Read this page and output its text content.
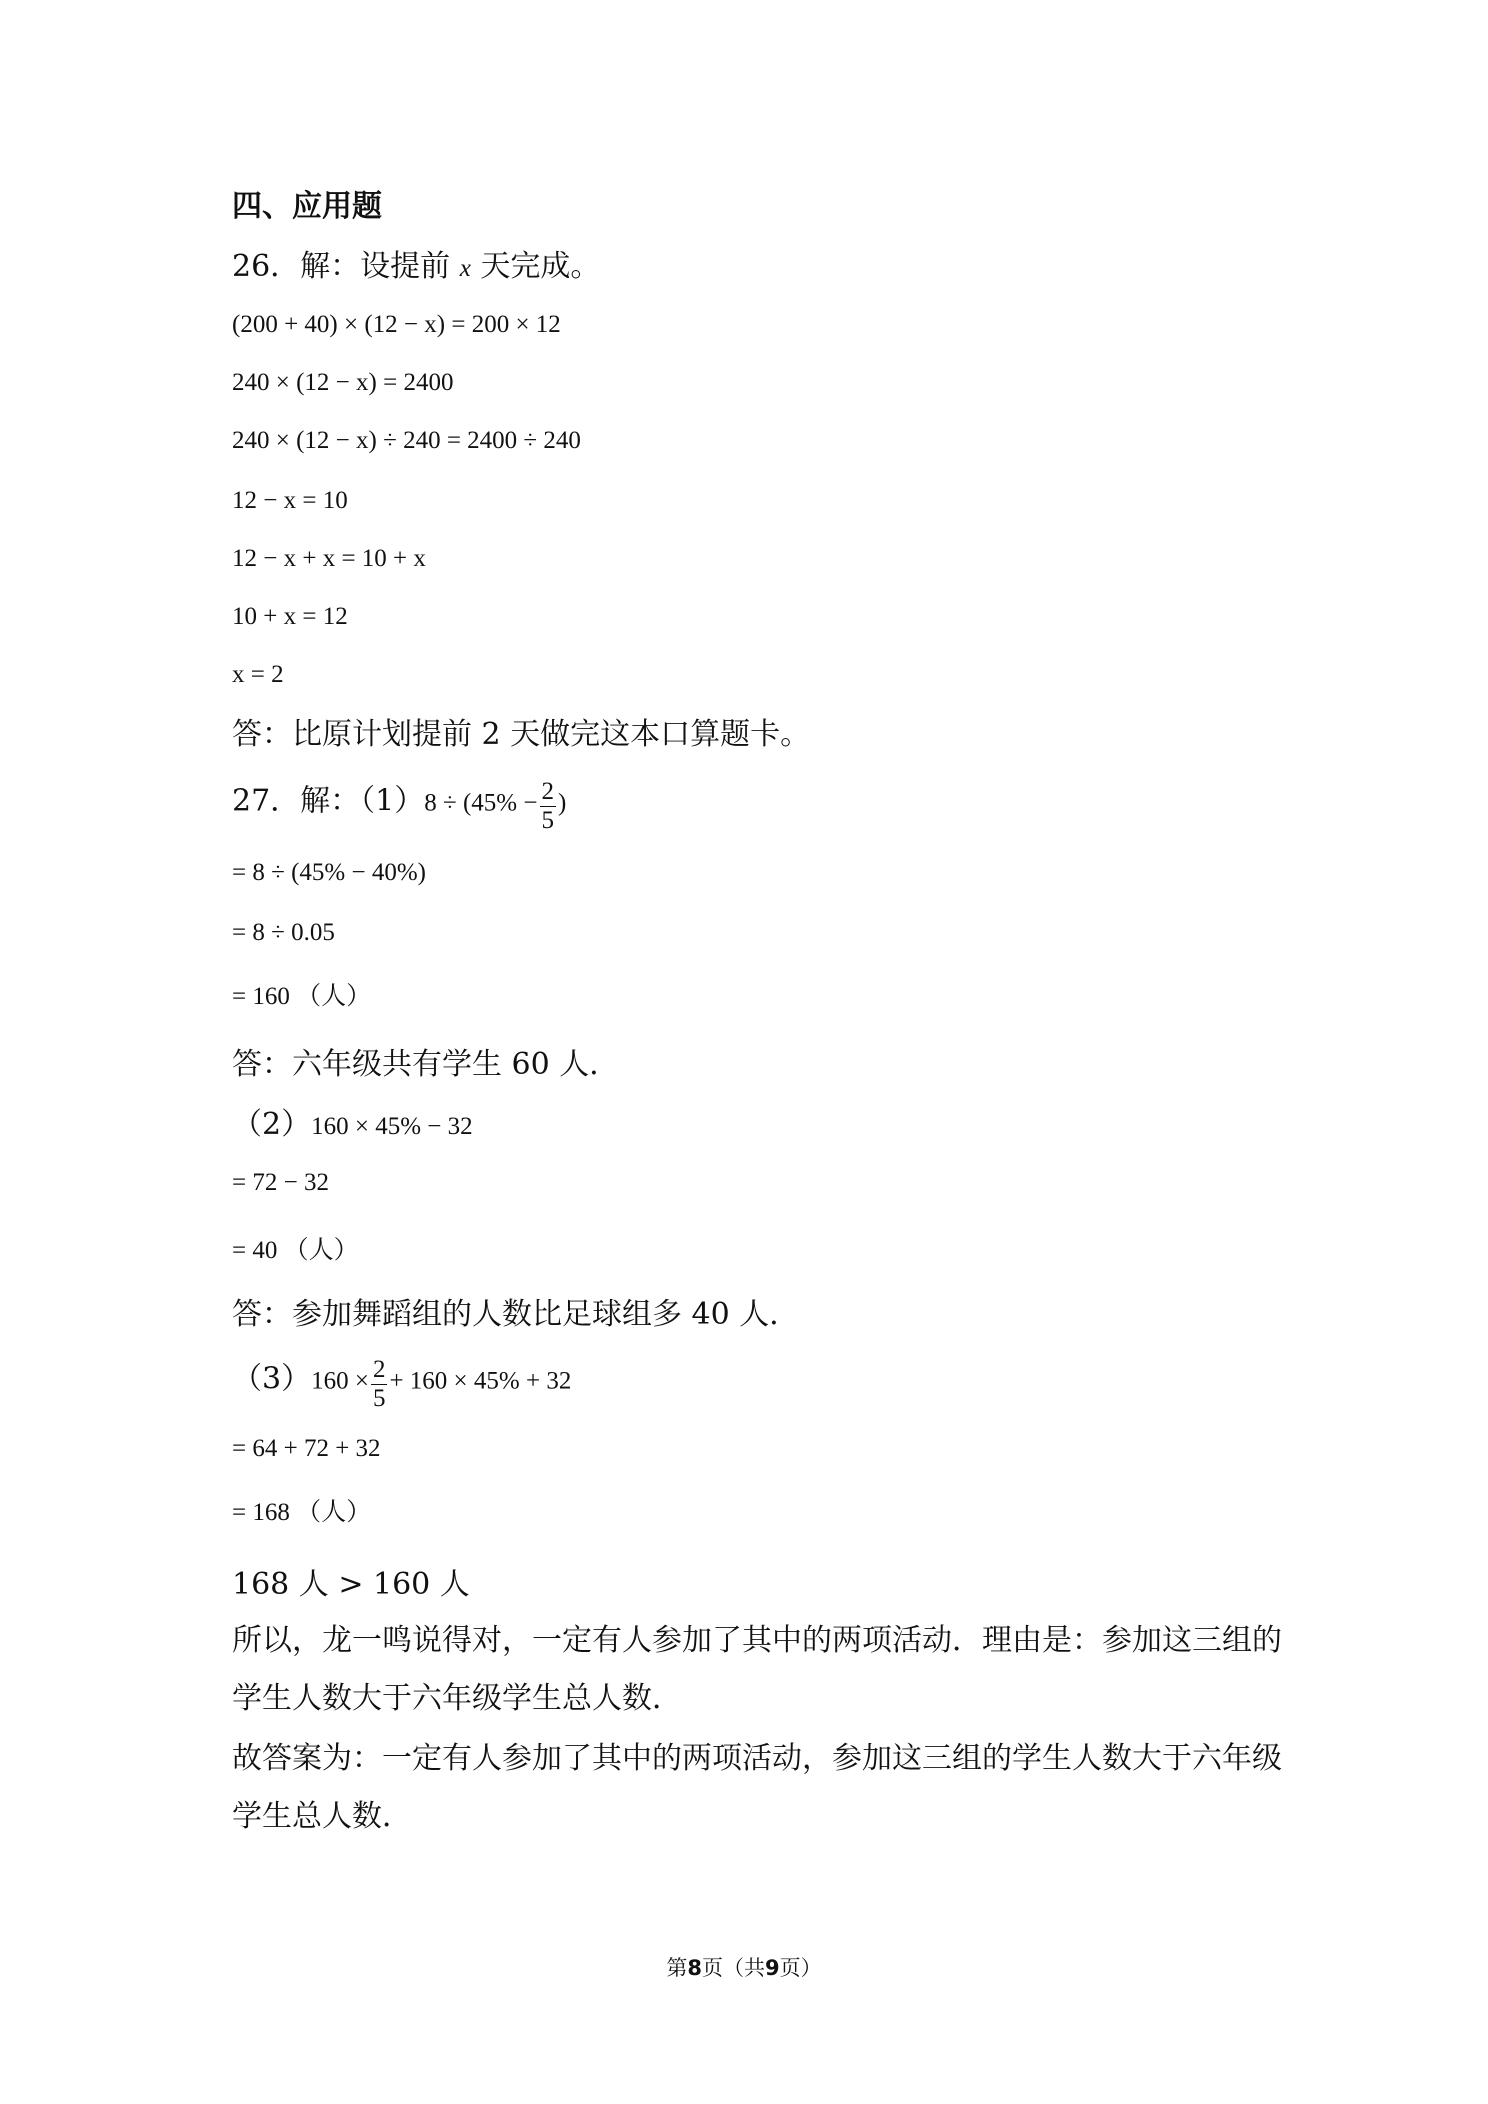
四、应用题
26．解：设提前 x 天完成。
(200 + 40) × (12 − x) = 200 × 12
240 × (12 − x) = 2400
240 × (12 − x) ÷ 240 = 2400 ÷ 240
12 − x = 10
12 − x + x = 10 + x
10 + x = 12
x = 2
答：比原计划提前 2 天做完这本口算题卡。
27．解：$(1)8 \div (45\% - \frac{2}{5}$ )
= 8 ÷ (45% − 40%)
= 8 ÷ 0.05
= 160 （人）
答：六年级共有学生 60 人．
（2）160 × 45% − 32
= 72 − 32
= 40 （人）
答：参加舞蹈组的人数比足球组多 40 人．
$(3)160 \times \frac{2}{5} + 160 \times 45\% + 32$
= 64 + 72 + 32
= 168 （人）
168 人 > 160 人
所以，龙一鸣说得对，一定有人参加了其中的两项活动．理由是：参加这三组的
学生人数大于六年级学生总人数．
故答案为：一定有人参加了其中的两项活动，参加这三组的学生人数大于六年级
学生总人数．
第8页（共9页）
